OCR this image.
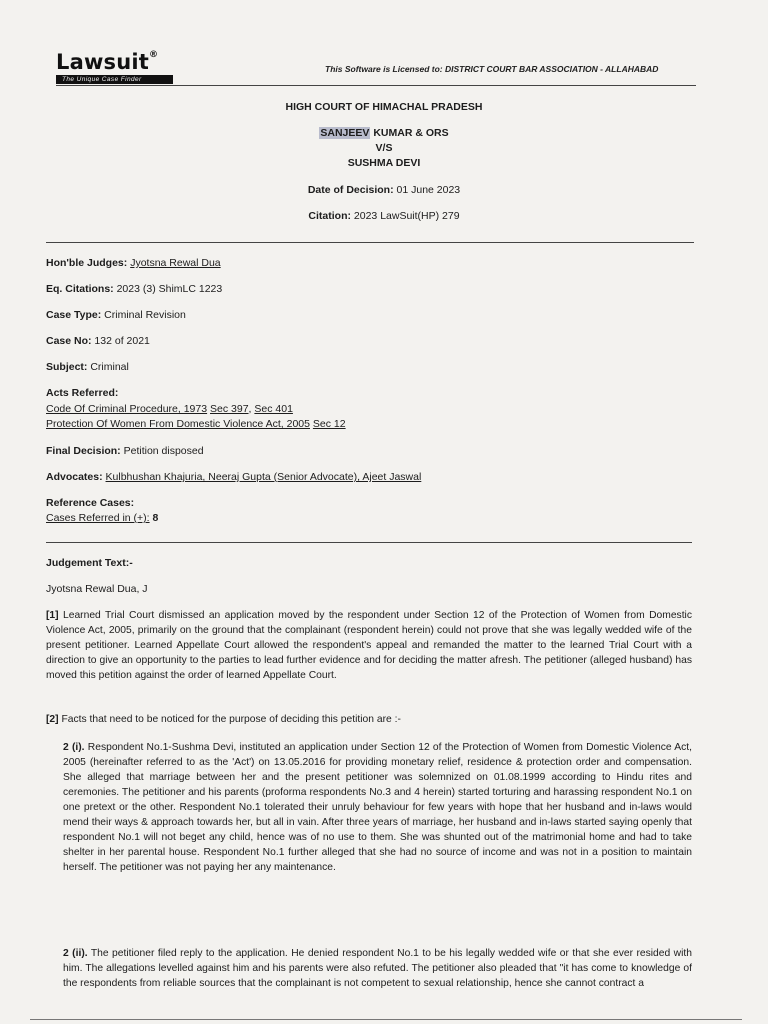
Lawsuit®
The Unique Case Finder
This Software is Licensed to: DISTRICT COURT BAR ASSOCIATION - ALLAHABAD
HIGH COURT OF HIMACHAL PRADESH
SANJEEV KUMAR & ORS
V/S
SUSHMA DEVI
Date of Decision: 01 June 2023
Citation: 2023 LawSuit(HP) 279
Hon'ble Judges: Jyotsna Rewal Dua
Eq. Citations: 2023 (3) ShimLC 1223
Case Type: Criminal Revision
Case No: 132 of 2021
Subject: Criminal
Acts Referred:
Code Of Criminal Procedure, 1973 Sec 397, Sec 401
Protection Of Women From Domestic Violence Act, 2005 Sec 12
Final Decision: Petition disposed
Advocates: Kulbhushan Khajuria, Neeraj Gupta (Senior Advocate), Ajeet Jaswal
Reference Cases:
Cases Referred in (+): 8
Judgement Text:-
Jyotsna Rewal Dua, J
[1] Learned Trial Court dismissed an application moved by the respondent under Section 12 of the Protection of Women from Domestic Violence Act, 2005, primarily on the ground that the complainant (respondent herein) could not prove that she was legally wedded wife of the present petitioner. Learned Appellate Court allowed the respondent's appeal and remanded the matter to the learned Trial Court with a direction to give an opportunity to the parties to lead further evidence and for deciding the matter afresh. The petitioner (alleged husband) has moved this petition against the order of learned Appellate Court.
[2] Facts that need to be noticed for the purpose of deciding this petition are :-
2 (i). Respondent No.1-Sushma Devi, instituted an application under Section 12 of the Protection of Women from Domestic Violence Act, 2005 (hereinafter referred to as the 'Act') on 13.05.2016 for providing monetary relief, residence & protection order and compensation. She alleged that marriage between her and the present petitioner was solemnized on 01.08.1999 according to Hindu rites and ceremonies. The petitioner and his parents (proforma respondents No.3 and 4 herein) started torturing and harassing respondent No.1 on one pretext or the other. Respondent No.1 tolerated their unruly behaviour for few years with hope that her husband and in-laws would mend their ways & approach towards her, but all in vain. After three years of marriage, her husband and in-laws started saying openly that respondent No.1 will not beget any child, hence was of no use to them. She was shunted out of the matrimonial home and had to take shelter in her parental house. Respondent No.1 further alleged that she had no source of income and was not in a position to maintain herself. The petitioner was not paying her any maintenance.
2 (ii). The petitioner filed reply to the application. He denied respondent No.1 to be his legally wedded wife or that she ever resided with him. The allegations levelled against him and his parents were also refuted. The petitioner also pleaded that "it has come to knowledge of the respondents from reliable sources that the complainant is not competent to sexual relationship, hence she cannot contract a
